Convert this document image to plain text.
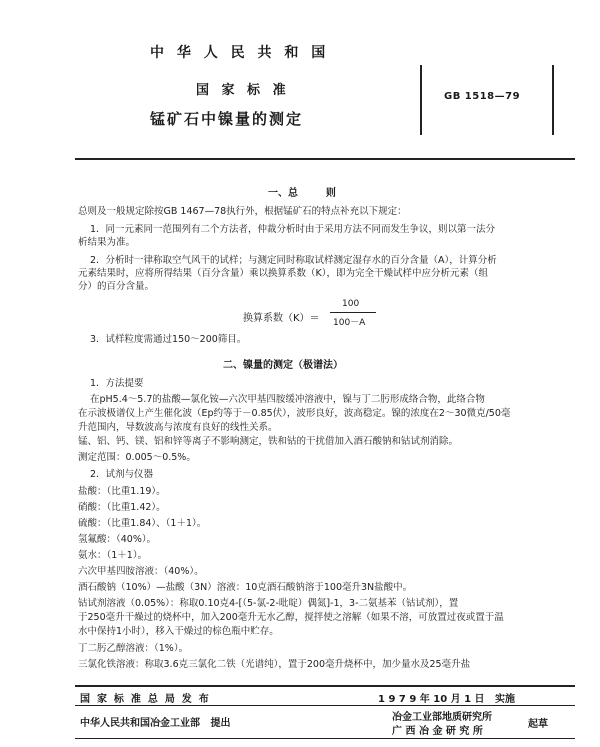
中 华 人 民 共 和 国
国 家 标 准
锰矿石中镍量的测定
GB 1518—79
一、总        则
总则及一般规定除按GB 1467—78执行外，根据锰矿石的特点补充以下规定：
1．同一元素同一范围列有二个方法者，仲裁分析时由于采用方法不同而发生争议，则以第一法分
析结果为准。
2．分析时一律称取空气风干的试样；与测定同时称取试样测定湿存水的百分含量（A），计算分析
元素结果时，应将所得结果（百分含量）乘以换算系数（K），即为完全干燥试样中应分析元素（组
分）的百分含量。
换算系数（K）＝
100
100－A
3．试样粒度需通过150～200筛目。
二、镍量的测定（极谱法）
1．方法提要
在pH5.4～5.7的盐酸—氯化铵—六次甲基四胺缓冲溶液中，镍与丁二肟形成络合物，此络合物
在示波极谱仪上产生催化波（Ep约等于－0.85伏），波形良好，波高稳定。镍的浓度在2～30微克/50毫
升范围内，导数波高与浓度有良好的线性关系。
锰、铝、钙、镁、铝和锌等离子不影响测定，铁和钴的干扰借加入酒石酸钠和钴试剂消除。
测定范围：0.005～0.5%。
2．试剂与仪器
盐酸：（比重1.19）。
硝酸：（比重1.42）。
硫酸：（比重1.84）、（1＋1）。
氢氟酸：（40%）。
氨水：（1＋1）。
六次甲基四胺溶液：（40%）。
酒石酸钠（10%）—盐酸（3N）溶液：10克酒石酸钠溶于100毫升3N盐酸中。
钴试剂溶液（0.05%）：称取0.10克4-[（5-氯-2-吡啶）偶氮]-1，3-二氨基苯（钴试剂），置
于250毫升干燥过的烧杯中，加入200毫升无水乙醇，搅拌使之溶解（如果不溶，可放置过夜或置于温
水中保持1小时），移入干燥过的棕色瓶中贮存。
丁二肟乙醇溶液：（1%）。
三氯化铁溶液：称取3.6克三氯化二铁（光谱纯），置于200毫升烧杯中，加少量水及25毫升盐
国  家  标  准  总  局  发  布	1 9 7 9 年 10 月 1 日   实施
中华人民共和国冶金工业部   提出
冶金工业部地质研究所
广 西 冶 金 研 究 所
起草
